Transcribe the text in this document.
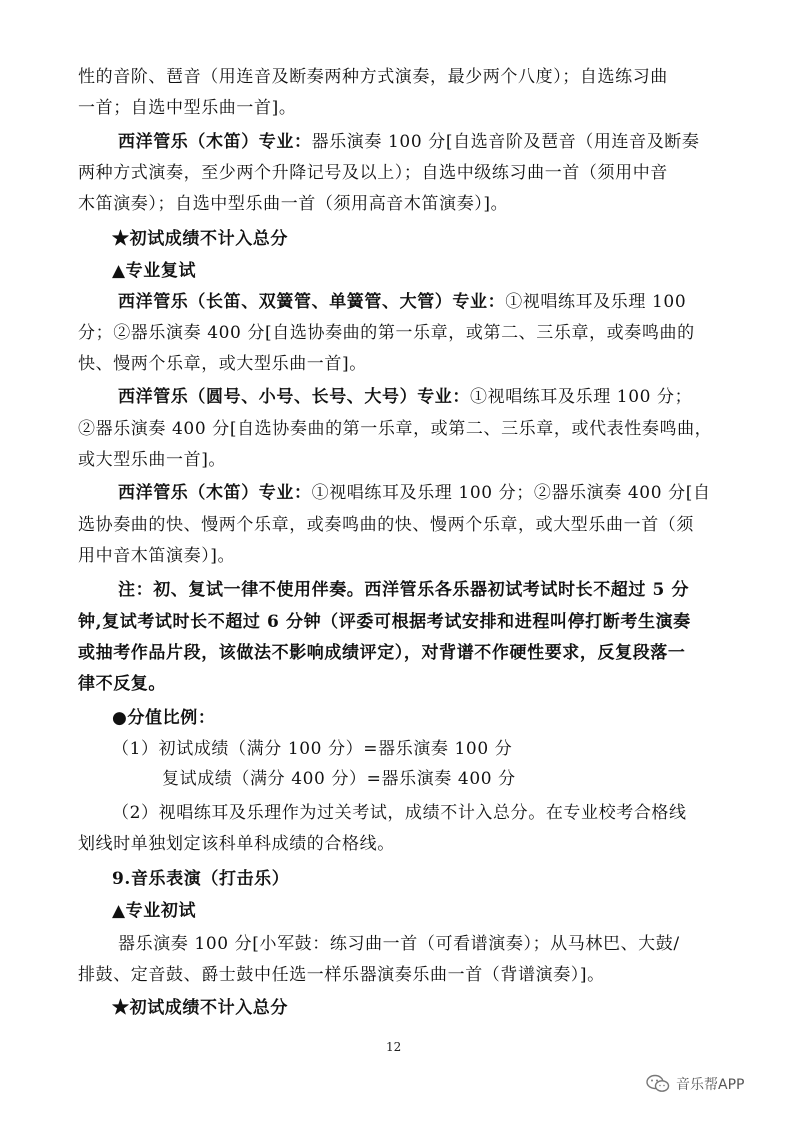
性的音阶、琶音（用连音及断奏两种方式演奏，最少两个八度）；自选练习曲
一首；自选中型乐曲一首]。
西洋管乐（木笛）专业：器乐演奏 100 分[自选音阶及琶音（用连音及断奏
两种方式演奏，至少两个升降记号及以上）；自选中级练习曲一首（须用中音
木笛演奏）；自选中型乐曲一首（须用高音木笛演奏）]。
★初试成绩不计入总分
▲专业复试
西洋管乐（长笛、双簧管、单簧管、大管）专业：①视唱练耳及乐理 100
分；②器乐演奏 400 分[自选协奏曲的第一乐章，或第二、三乐章，或奏鸣曲的
快、慢两个乐章，或大型乐曲一首]。
西洋管乐（圆号、小号、长号、大号）专业：①视唱练耳及乐理 100 分；
②器乐演奏 400 分[自选协奏曲的第一乐章，或第二、三乐章，或代表性奏鸣曲，
或大型乐曲一首]。
西洋管乐（木笛）专业：①视唱练耳及乐理 100 分；②器乐演奏 400 分[自
选协奏曲的快、慢两个乐章，或奏鸣曲的快、慢两个乐章，或大型乐曲一首（须
用中音木笛演奏）]。
注：初、复试一律不使用伴奏。西洋管乐各乐器初试考试时长不超过 5 分
钟,复试考试时长不超过 6 分钟（评委可根据考试安排和进程叫停打断考生演奏
或抽考作品片段，该做法不影响成绩评定），对背谱不作硬性要求，反复段落一
律不反复。
●分值比例：
（1）初试成绩（满分 100 分）=器乐演奏 100 分
复试成绩（满分 400 分）=器乐演奏 400 分
（2）视唱练耳及乐理作为过关考试，成绩不计入总分。在专业校考合格线
划线时单独划定该科单科成绩的合格线。
9.音乐表演（打击乐）
▲专业初试
器乐演奏 100 分[小军鼓：练习曲一首（可看谱演奏）；从马林巴、大鼓/
排鼓、定音鼓、爵士鼓中任选一样乐器演奏乐曲一首（背谱演奏）]。
★初试成绩不计入总分
12
音乐帮APP
